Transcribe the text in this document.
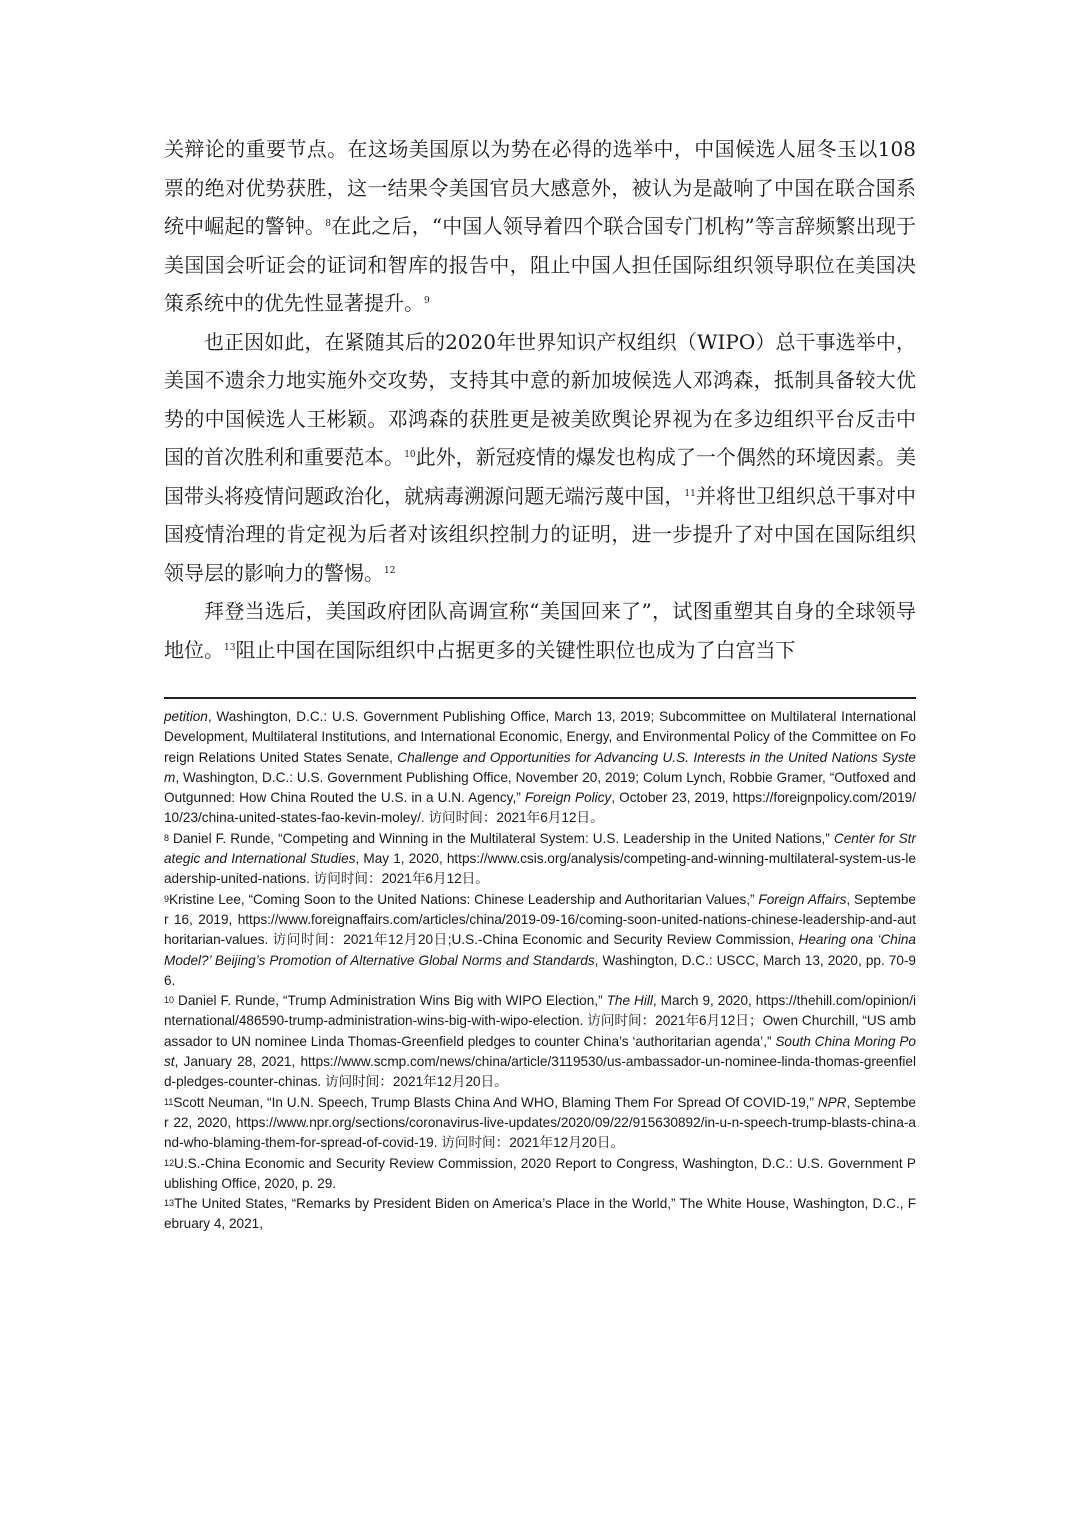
关辩论的重要节点。在这场美国原以为势在必得的选举中，中国候选人屈冬玉以108票的绝对优势获胜，这一结果令美国官员大感意外，被认为是敲响了中国在联合国系统中崛起的警钟。$^8$在此之后，“中国人领导着四个联合国专门机构”等言辞频繁出现于美国国会听证会的证词和智库的报告中，阻止中国人担任国际组织领导职位在美国决策系统中的优先性显著提升。$^9$

也正因如此，在紧随其后的2020年世界知识产权组织（WIPO）总干事选举中，美国不遗余力地实施外交攻势，支持其中意的新加坡候选人邓鸿森，抵制具备较大优势的中国候选人王彬颖。邓鸿森的获胜更是被美欧舆论界视为在多边组织平台反击中国的首次胜利和重要范本。$^{10}$此外，新冠疫情的爆发也构成了一个偶然的环境因素。美国带头将疫情问题政治化，就病毒溯源问题无端污蔑中国，$^{11}$并将世卫组织总干事对中国疫情治理的肯定视为后者对该组织控制力的证明，进一步提升了对中国在国际组织领导层的影响力的警惕。$^{12}$

拜登当选后，美国政府团队高调宣称“美国回来了”，试图重塑其自身的全球领导地位。$^{13}$阻止中国在国际组织中占据更多的关键性职位也成为了白宫当下

petition, Washington, D.C.: U.S. Government Publishing Office, March 13, 2019; Subcommittee on Multilateral International Development, Multilateral Institutions, and International Economic, Energy, and Environmental Policy of the Committee on Foreign Relations United States Senate, Challenge and Opportunities for Advancing U.S. Interests in the United Nations System, Washington, D.C.: U.S. Government Publishing Office, November 20, 2019; Colum Lynch, Robbie Gramer, “Outfoxed and Outgunned: How China Routed the U.S. in a U.N. Agency,” Foreign Policy, October 23, 2019, https://foreignpolicy.com/2019/10/23/china-united-states-fao-kevin-moley/. 访问时间：2021年6月12日。

$^8$ Daniel F. Runde, “Competing and Winning in the Multilateral System: U.S. Leadership in the United Nations,” Center for Strategic and International Studies, May 1, 2020, https://www.csis.org/analysis/competing-and-winning-multilateral-system-us-leadership-united-nations. 访问时间：2021年6月12日。

$^9$Kristine Lee, “Coming Soon to the United Nations: Chinese Leadership and Authoritarian Values,” Foreign Affairs, September 16, 2019, https://www.foreignaffairs.com/articles/china/2019-09-16/coming-soon-united-nations-chinese-leadership-and-authoritarian-values. 访问时间：2021年12月20日;U.S.-China Economic and Security Review Commission, Hearing ona ‘China Model?’ Beijing’s Promotion of Alternative Global Norms and Standards, Washington, D.C.: USCC, March 13, 2020, pp. 70-96.

$^{10}$ Daniel F. Runde, “Trump Administration Wins Big with WIPO Election,” The Hill, March 9, 2020, https://thehill.com/opinion/international/486590-trump-administration-wins-big-with-wipo-election. 访问时间：2021年6月12日；Owen Churchill, “US ambassador to UN nominee Linda Thomas-Greenfield pledges to counter China’s ‘authoritarian agenda’,” South China Moring Post, January 28, 2021, https://www.scmp.com/news/china/article/3119530/us-ambassador-un-nominee-linda-thomas-greenfield-pledges-counter-chinas. 访问时间：2021年12月20日。

$^{11}$Scott Neuman, “In U.N. Speech, Trump Blasts China And WHO, Blaming Them For Spread Of COVID-19,” NPR, September 22, 2020, https://www.npr.org/sections/coronavirus-live-updates/2020/09/22/915630892/in-u-n-speech-trump-blasts-china-and-who-blaming-them-for-spread-of-covid-19. 访问时间：2021年12月20日。

$^{12}$U.S.-China Economic and Security Review Commission, 2020 Report to Congress, Washington, D.C.: U.S. Government Publishing Office, 2020, p. 29.

$^{13}$The United States, “Remarks by President Biden on America’s Place in the World,” The White House, Washington, D.C., February 4, 2021,
